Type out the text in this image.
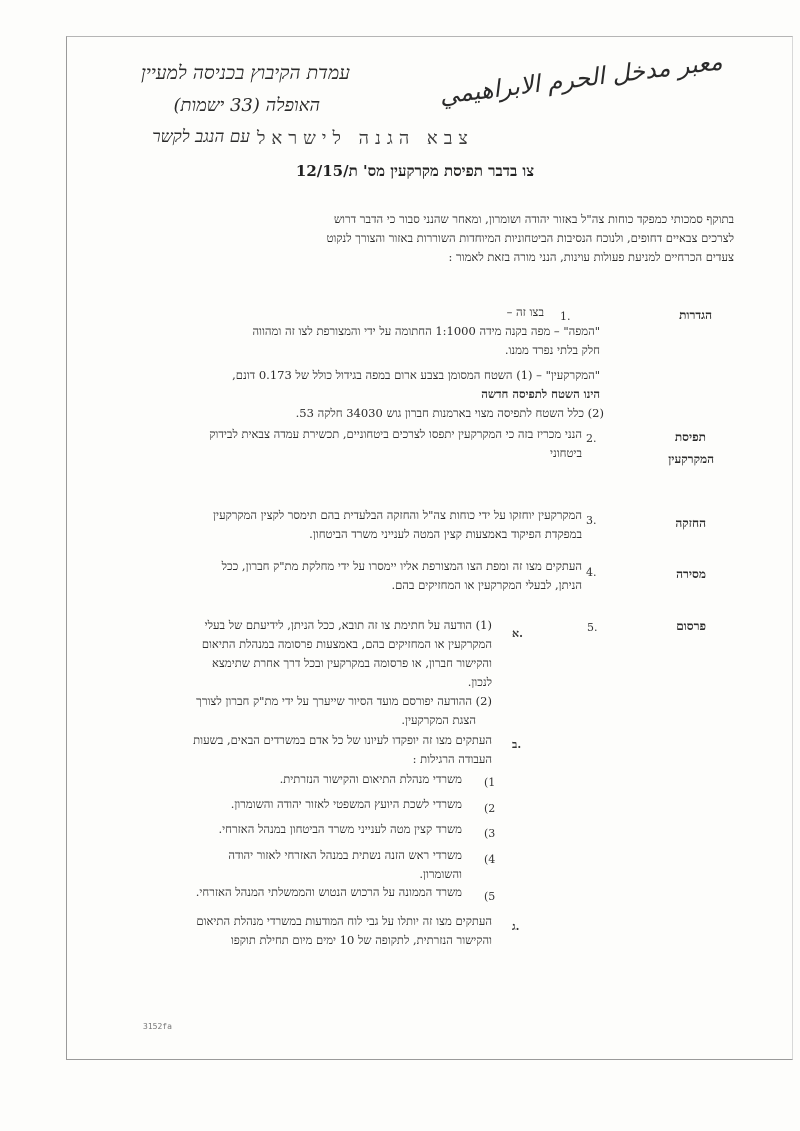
עמדת הקיבוץ בכניסה למעיין
האופלה (33 ישמות)
עם הנגב לקשר
معبر مدخل الحرم الابراهيمي
צבא הגנה לישראל
צו בדבר תפיסת מקרקעין מס' ת/12/15
בתוקף סמכותי כמפקד כוחות צה"ל באזור יהודה ושומרון, ומאחר שהנני סבור כי הדבר דרוש
לצרכים צבאיים דחופים, ולנוכח הנסיבות הביטחוניות המיוחדות השוררות באזור והצורך לנקוט
צעדים הכרחיים למניעת פעולות עוינות, הנני מורה בזאת לאמור :
הגדרות
1.
בצו זה –
"המפה" – מפה בקנה מידה 1:1000 החתומה על ידי והמצורפת לצו זה ומהווה
חלק בלתי נפרד ממנו.
"המקרקעין" – (1) השטח המסומן בצבע ארום במפה בגידול כולל של 0.173 דונם,
הינו השטח לתפיסה חדשה
(2) כלל השטח לתפיסה מצוי בארמנות חברון גוש 34030 חלקה 53.
תפיסת
המקרקעין
2.
הנני מכריז בזה כי המקרקעין יתפסו לצרכים ביטחוניים, תכשירת עמדה צבאית לבידוק
ביטחוני
החזקה
3.
המקרקעין יוחזקו על ידי כוחות צה"ל והחזקה הבלעדית בהם תימסר לקצין המקרקעין
במפקדת הפיקוד באמצעות קצין המטה לענייני משרד הביטחון.
מסירה
4.
העתקים מצו זה ומפת הצו המצורפת אליו יימסרו על ידי מחלקת מת"ק חברון, ככל
הניתן, לבעלי המקרקעין או המחזיקים בהם.
פרסום
5.
א.
(1) הודעה על חתימת צו זה תובא, ככל הניתן, לידיעתם של בעלי
המקרקעין או המחזיקים בהם, באמצעות פרסומה במנהלת התיאום
והקישור חברון, או פרסומה במקרקעין ובכל דרך אחרת שתימצא
לנכון.
(2) ההודעה יפורסם מועד הסיור שייערך על ידי מת"ק חברון לצורך
הצגת המקרקעין.
ב.
העתקים מצו זה יופקדו לעיונו של כל אדם במשרדים הבאים, בשעות
העבודה הרגילות :
(1
משרדי מנהלת התיאום והקישור הנזרתית.
(2
משרדי לשכת היועץ המשפטי לאזור יהודה והשומרון.
(3
משרד קצין מטה לענייני משרד הביטחון במנהל האזרחי.
(4
משרדי ראש הזנה נשתית במנהל האזרחי לאזור יהודה
והשומרון.
(5
משרד הממונה על הרכוש הנטוש והממשלתי המנהל האזרחי.
ג.
העתקים מצו זה יותלו על גבי לוח המודעות במשרדי מנהלת התיאום
והקישור הנזרתית, לתקופה של 10 ימים מיום תחילת תוקפו
3152fa
